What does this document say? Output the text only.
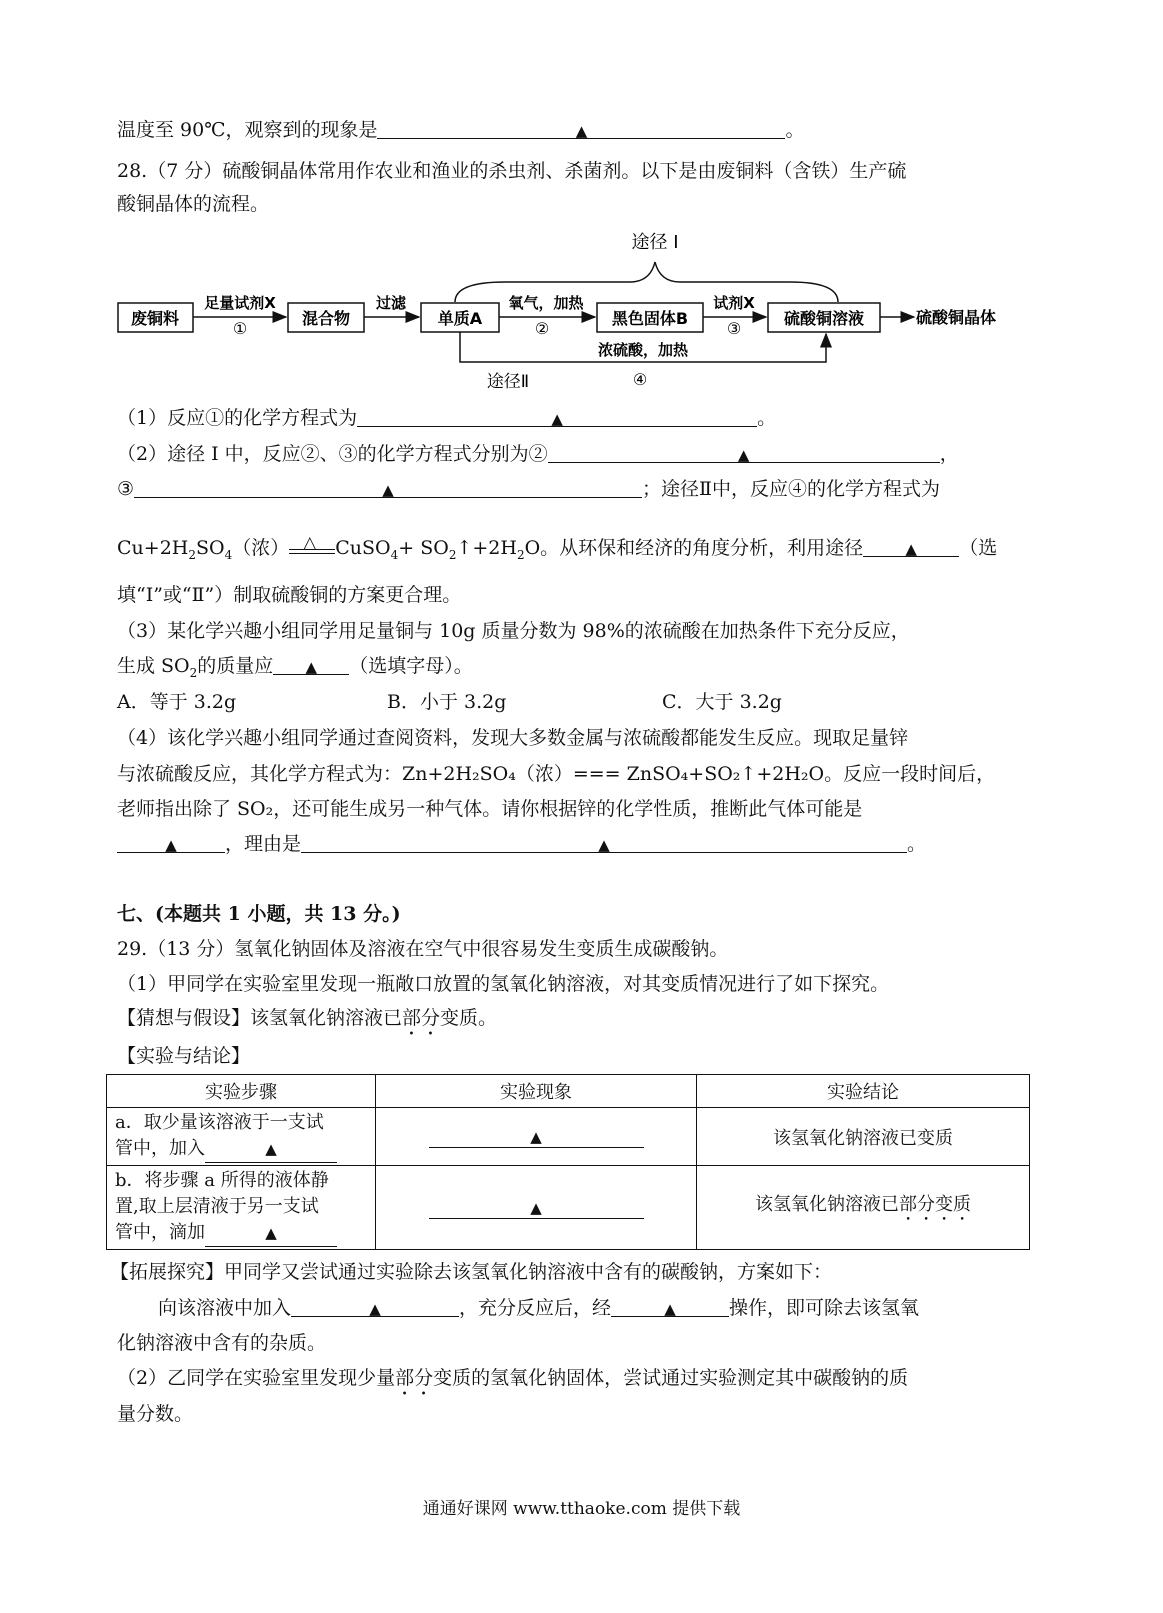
温度至 90℃，观察到的现象是	▲	。
28.（7 分）硫酸铜晶体常用作农业和渔业的杀虫剂、杀菌剂。以下是由废铜料（含铁）生产硫
酸铜晶体的流程。
途径 I
废铜料	混合物	单质A	黑色固体B	硫酸铜溶液	硫酸铜晶体
足量试剂X
①
过滤	氧气，加热
②
试剂X
③
浓硫酸，加热
途径Ⅱ	④
（1）反应①的化学方程式为	▲	。
（2）途径 I 中，反应②、③的化学方程式分别为②	▲	，
③	▲	；途径Ⅱ中，反应④的化学方程式为
$Cu+2H_2SO_4$（浓） △ CuSO$_4$+ $SO_2↑+2H_2O$。从环保和经济的角度分析，利用途径	▲ （选
填“I”或“Ⅱ”）制取硫酸铜的方案更合理。
（3）某化学兴趣小组同学用足量铜与 10g 质量分数为 98%的浓硫酸在加热条件下充分反应，
生成 $SO_2$的质量应 ▲ （选填字母）。
A．等于 3.2g	B．小于 3.2g	C．大于 3.2g
（4）该化学兴趣小组同学通过查阅资料，发现大多数金属与浓硫酸都能发生反应。现取足量锌
与浓硫酸反应，其化学方程式为：Zn+2H₂SO₄（浓）=== ZnSO₄+SO₂↑+2H₂O。反应一段时间后，
老师指出除了 SO₂，还可能生成另一种气体。请你根据锌的化学性质，推断此气体可能是
▲	，理由是	▲	。
七、(本题共 1 小题，共 13 分。)
29.（13 分）氢氧化钠固体及溶液在空气中很容易发生变质生成碳酸钠。
（1）甲同学在实验室里发现一瓶敞口放置的氢氧化钠溶液，对其变质情况进行了如下探究。
【猜想与假设】该氢氧化钠溶液已部分变质。
【实验与结论】
实验步骤	实验现象	实验结论

a．取少量该溶液于一支试
管中，加入 ▲	▲	该氢氧化钠溶液已变质

b．将步骤 a 所得的液体静
置,取上层清液于另一支试
管中，滴加 ▲	▲	该氢氧化钠溶液已部分变质
【拓展探究】甲同学又尝试通过实验除去该氢氧化钠溶液中含有的碳酸钠，方案如下：
向该溶液中加入	▲	，充分反应后，经	▲	操作，即可除去该氢氧
化钠溶液中含有的杂质。
（2）乙同学在实验室里发现少量部分变质的氢氧化钠固体，尝试通过实验测定其中碳酸钠的质
量分数。
通通好课网 www.tthaoke.com 提供下载
